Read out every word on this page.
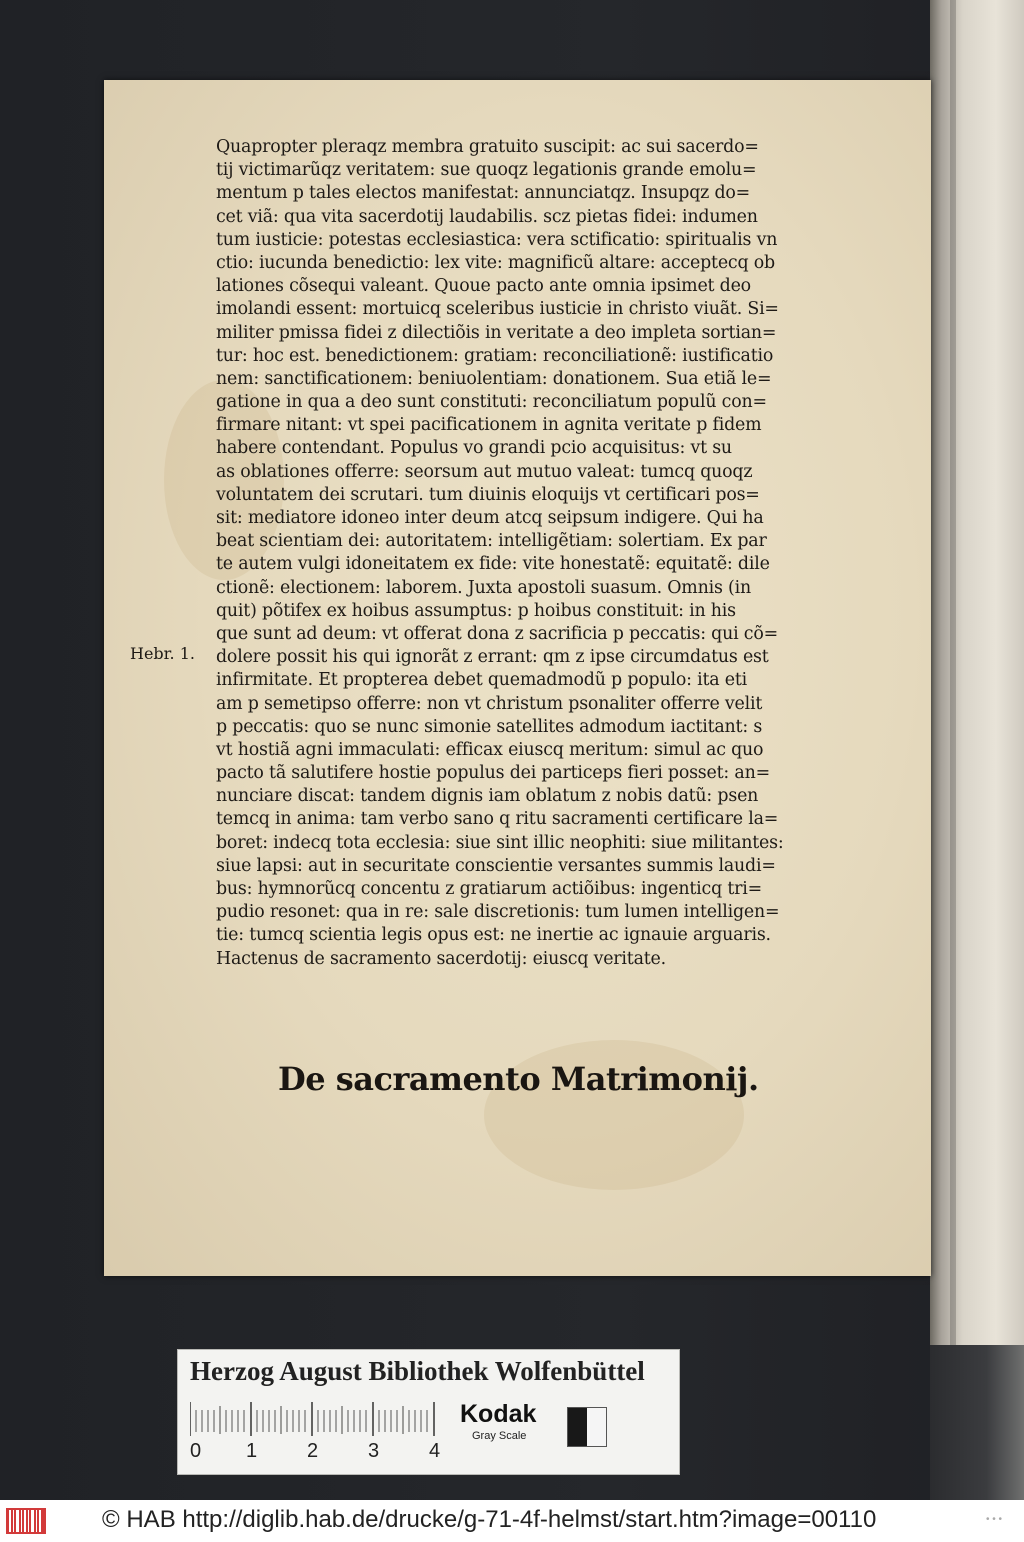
Hebr. 1.
Quapropter pleraqz membra gratuito suscipit: ac sui sacerdo=
tij victimarũqz veritatem: sue quoqz legationis grande emolu=
mentum p tales electos manifestat: annunciatqz. Insupqz do=
cet viã: qua vita sacerdotij laudabilis. scz pietas fidei: indumen
tum iusticie: potestas ecclesiastica: vera sctificatio: spiritualis vn
ctio: iucunda benedictio: lex vite: magnificũ altare: acceptecq ob
lationes cõsequi valeant. Quoue pacto ante omnia ipsimet deo
imolandi essent: mortuicq sceleribus iusticie in christo viuãt. Si=
militer pmissa fidei z dilectiõis in veritate a deo impleta sortian=
tur: hoc est. benedictionem: gratiam: reconciliationẽ: iustificatio
nem: sanctificationem: beniuolentiam: donationem. Sua etiã le=
gatione in qua a deo sunt constituti: reconciliatum populũ con=
firmare nitant: vt spei pacificationem in agnita veritate p fidem
habere contendant. Populus vo grandi pcio acquisitus: vt su
as oblationes offerre: seorsum aut mutuo valeat: tumcq quoqz
voluntatem dei scrutari. tum diuinis eloquijs vt certificari pos=
sit: mediatore idoneo inter deum atcq seipsum indigere. Qui ha
beat scientiam dei: autoritatem: intelligẽtiam: solertiam. Ex par
te autem vulgi idoneitatem ex fide: vite honestatẽ: equitatẽ: dile
ctionẽ: electionem: laborem. Juxta apostoli suasum. Omnis (in
quit) põtifex ex hoibus assumptus: p hoibus constituit: in his
que sunt ad deum: vt offerat dona z sacrificia p peccatis: qui cõ=
dolere possit his qui ignorãt z errant: qm z ipse circumdatus est
infirmitate. Et propterea debet quemadmodũ p populo: ita eti
am p semetipso offerre: non vt christum psonaliter offerre velit
p peccatis: quo se nunc simonie satellites admodum iactitant: s
vt hostiã agni immaculati: efficax eiuscq meritum: simul ac quo
pacto tã salutifere hostie populus dei particeps fieri posset: an=
nunciare discat: tandem dignis iam oblatum z nobis datũ: psen
temcq in anima: tam verbo sano q ritu sacramenti certificare la=
boret: indecq tota ecclesia: siue sint illic neophiti: siue militantes:
siue lapsi: aut in securitate conscientie versantes summis laudi=
bus: hymnorũcq concentu z gratiarum actiõibus: ingenticq tri=
pudio resonet: qua in re: sale discretionis: tum lumen intelligen=
tie: tumcq scientia legis opus est: ne inertie ac ignauie arguaris.
Hactenus de sacramento sacerdotij: eiuscq veritate.
De sacramento Matrimonij.
Herzog August Bibliothek Wolfenbüttel
0 1 2 3 4
Kodak
Gray Scale
© HAB http://diglib.hab.de/drucke/g-71-4f-helmst/start.htm?image=00110	• • •
